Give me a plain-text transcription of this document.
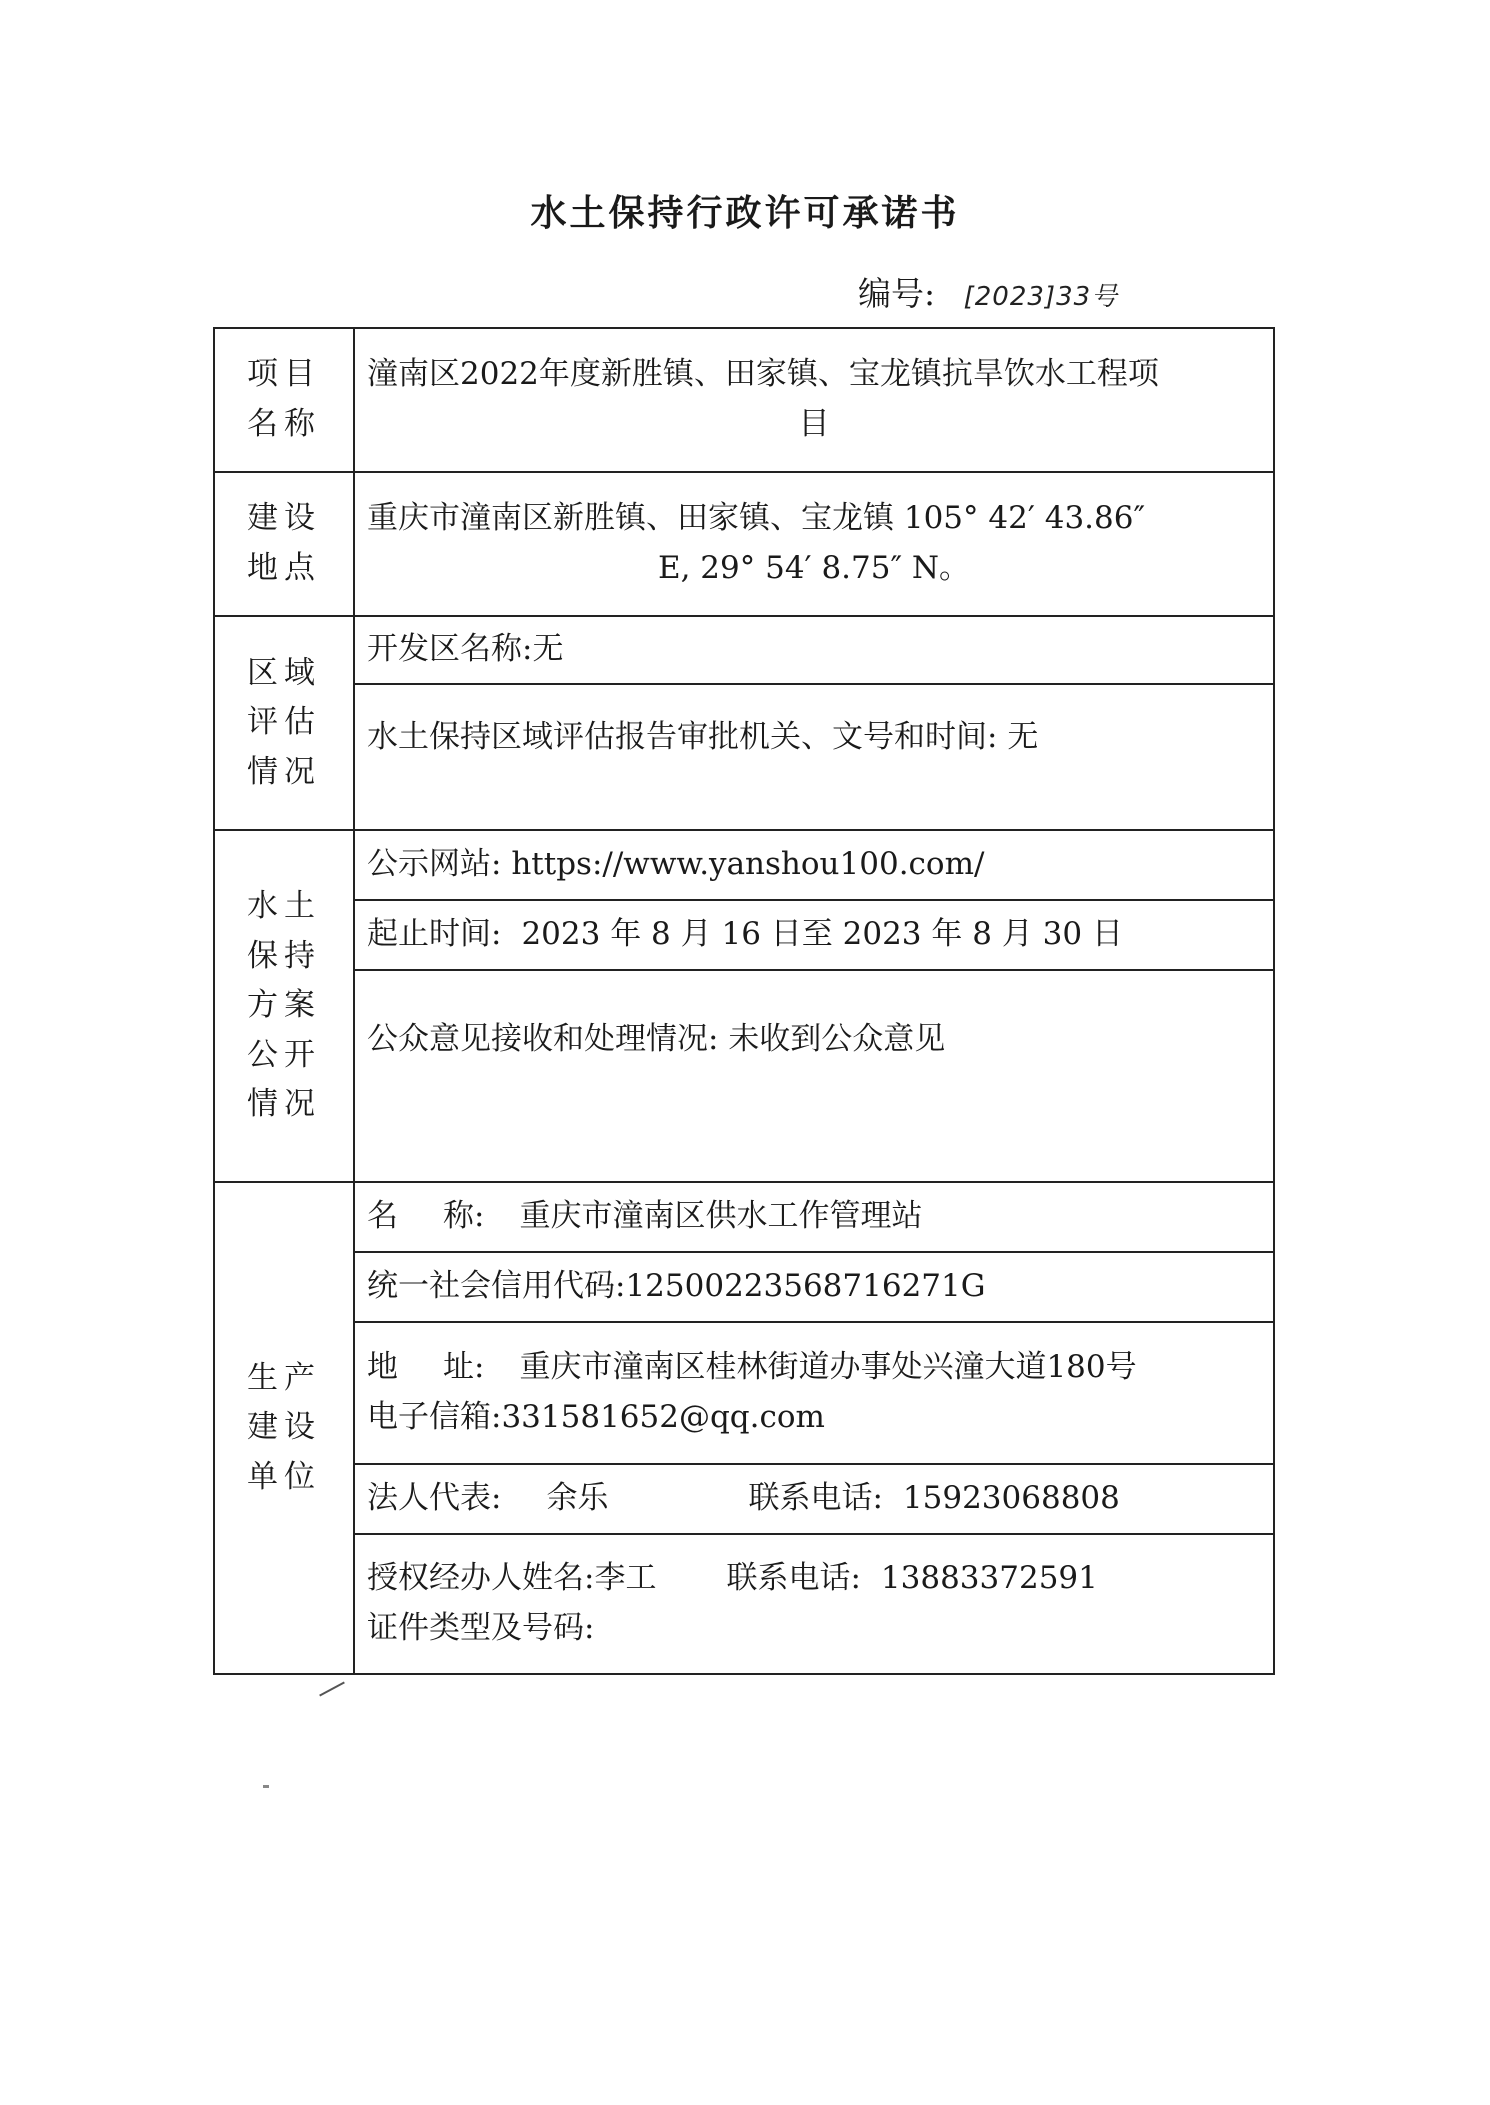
水土保持行政许可承诺书
编号: [2023]33号
项目
名称	潼南区2022年度新胜镇、田家镇、宝龙镇抗旱饮水工程项
目

建设
地点	重庆市潼南区新胜镇、田家镇、宝龙镇 105° 42′ 43.86″
E, 29° 54′ 8.75″ N。

区域
评估
情况	开发区名称:无
	水土保持区域评估报告审批机关、文号和时间: 无

水土
保持
方案
公开
情况	公示网站: https://www.yanshou100.com/
	起止时间: 2023 年 8 月 16 日至 2023 年 8 月 30 日
	公众意见接收和处理情况: 未收到公众意见

生产
建设
单位	名 称: 重庆市潼南区供水工作管理站
	统一社会信用代码:12500223568716271G

	地 址: 重庆市潼南区桂林街道办事处兴潼大道180号
电子信箱:331581652@qq.com

	法人代表: 余乐 联系电话: 15923068808

	授权经办人姓名:李工 联系电话: 13883372591
证件类型及号码:
